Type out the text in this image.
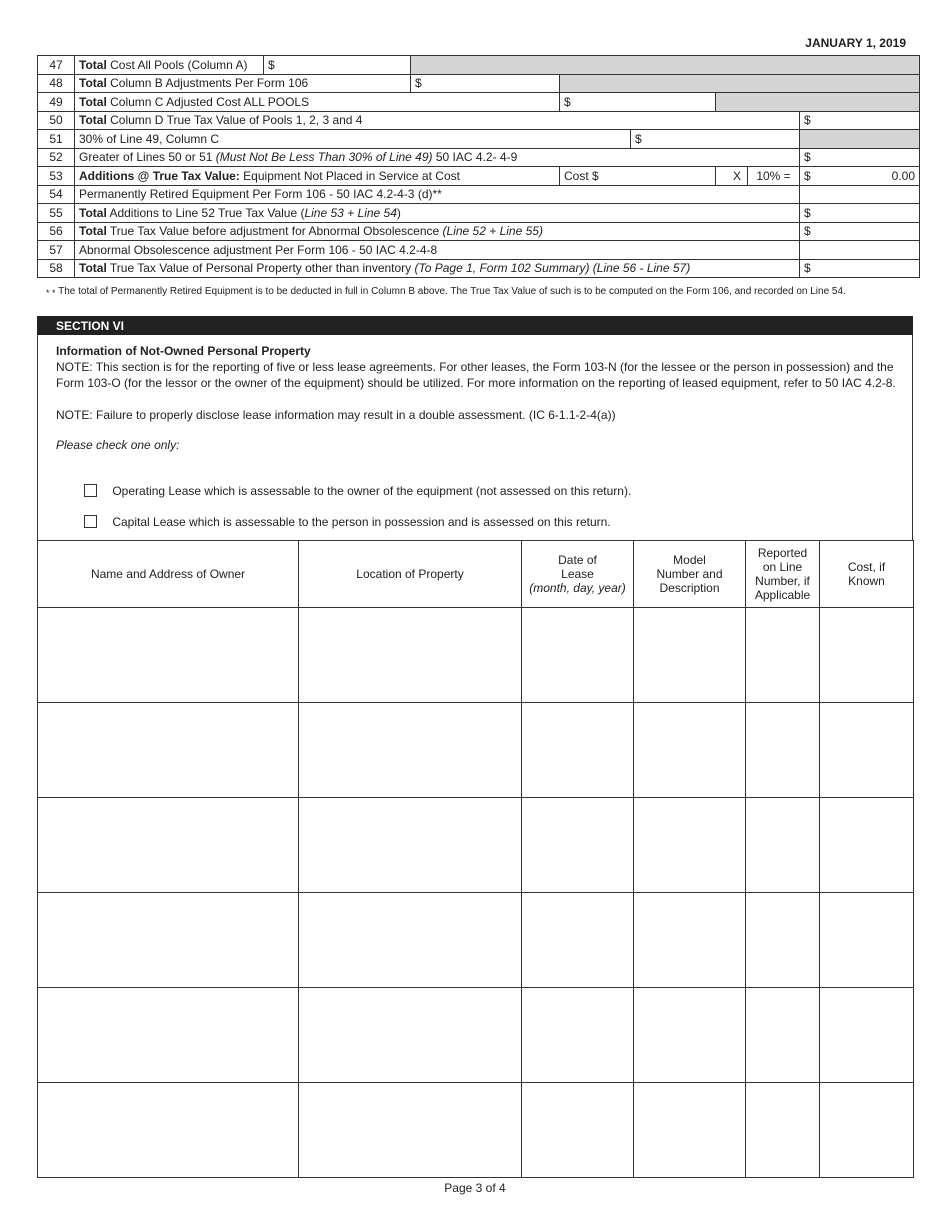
JANUARY 1, 2019
47	Total Cost All Pools (Column A)	$						
48	Total Column B Adjustments Per Form 106		$					
49	Total Column C Adjusted Cost ALL POOLS			$				
50	Total Column D True Tax Value of Pools 1, 2, 3 and 4							$
51	30% of Line 49, Column C				$			
52	Greater of Lines 50 or 51 (Must Not Be Less Than 30% of Line 49) 50 IAC 4.2- 4-9							$
53	Additions @ True Tax Value: Equipment Not Placed in Service at Cost			Cost $		X	10% =	$ 0.00

54	Permanently Retired Equipment Per Form 106 - 50 IAC 4.2-4-3 (d)**							
55	Total Additions to Line 52 True Tax Value (Line 53 + Line 54)							$
56	Total True Tax Value before adjustment for Abnormal Obsolescence (Line 52 + Line 55)							$
57	Abnormal Obsolescence adjustment Per Form 106 - 50 IAC 4.2-4-8							
58	Total True Tax Value of Personal Property other than inventory (To Page 1, Form 102 Summary) (Line 56 - Line 57)							$
* * The total of Permanently Retired Equipment is to be deducted in full in Column B above. The True Tax Value of such is to be computed on the Form 106, and recorded on Line 54.
SECTION VI
Information of Not-Owned Personal Property
NOTE: This section is for the reporting of five or less lease agreements. For other leases, the Form 103-N (for the lessee or the person in possession) and the Form 103-O (for the lessor or the owner of the equipment) should be utilized. For more information on the reporting of leased equipment, refer to 50 IAC 4.2-8.
NOTE: Failure to properly disclose lease information may result in a double assessment. (IC 6-1.1-2-4(a))
Please check one only:
Operating Lease which is assessable to the owner of the equipment (not assessed on this return).
Capital Lease which is assessable to the person in possession and is assessed on this return.
Name and Address of Owner	Location of Property	Date of
Lease
(month, day, year)	Model
Number and
Description	Reported
on Line
Number, if
Applicable	Cost, if
Known

Page 3 of 4
